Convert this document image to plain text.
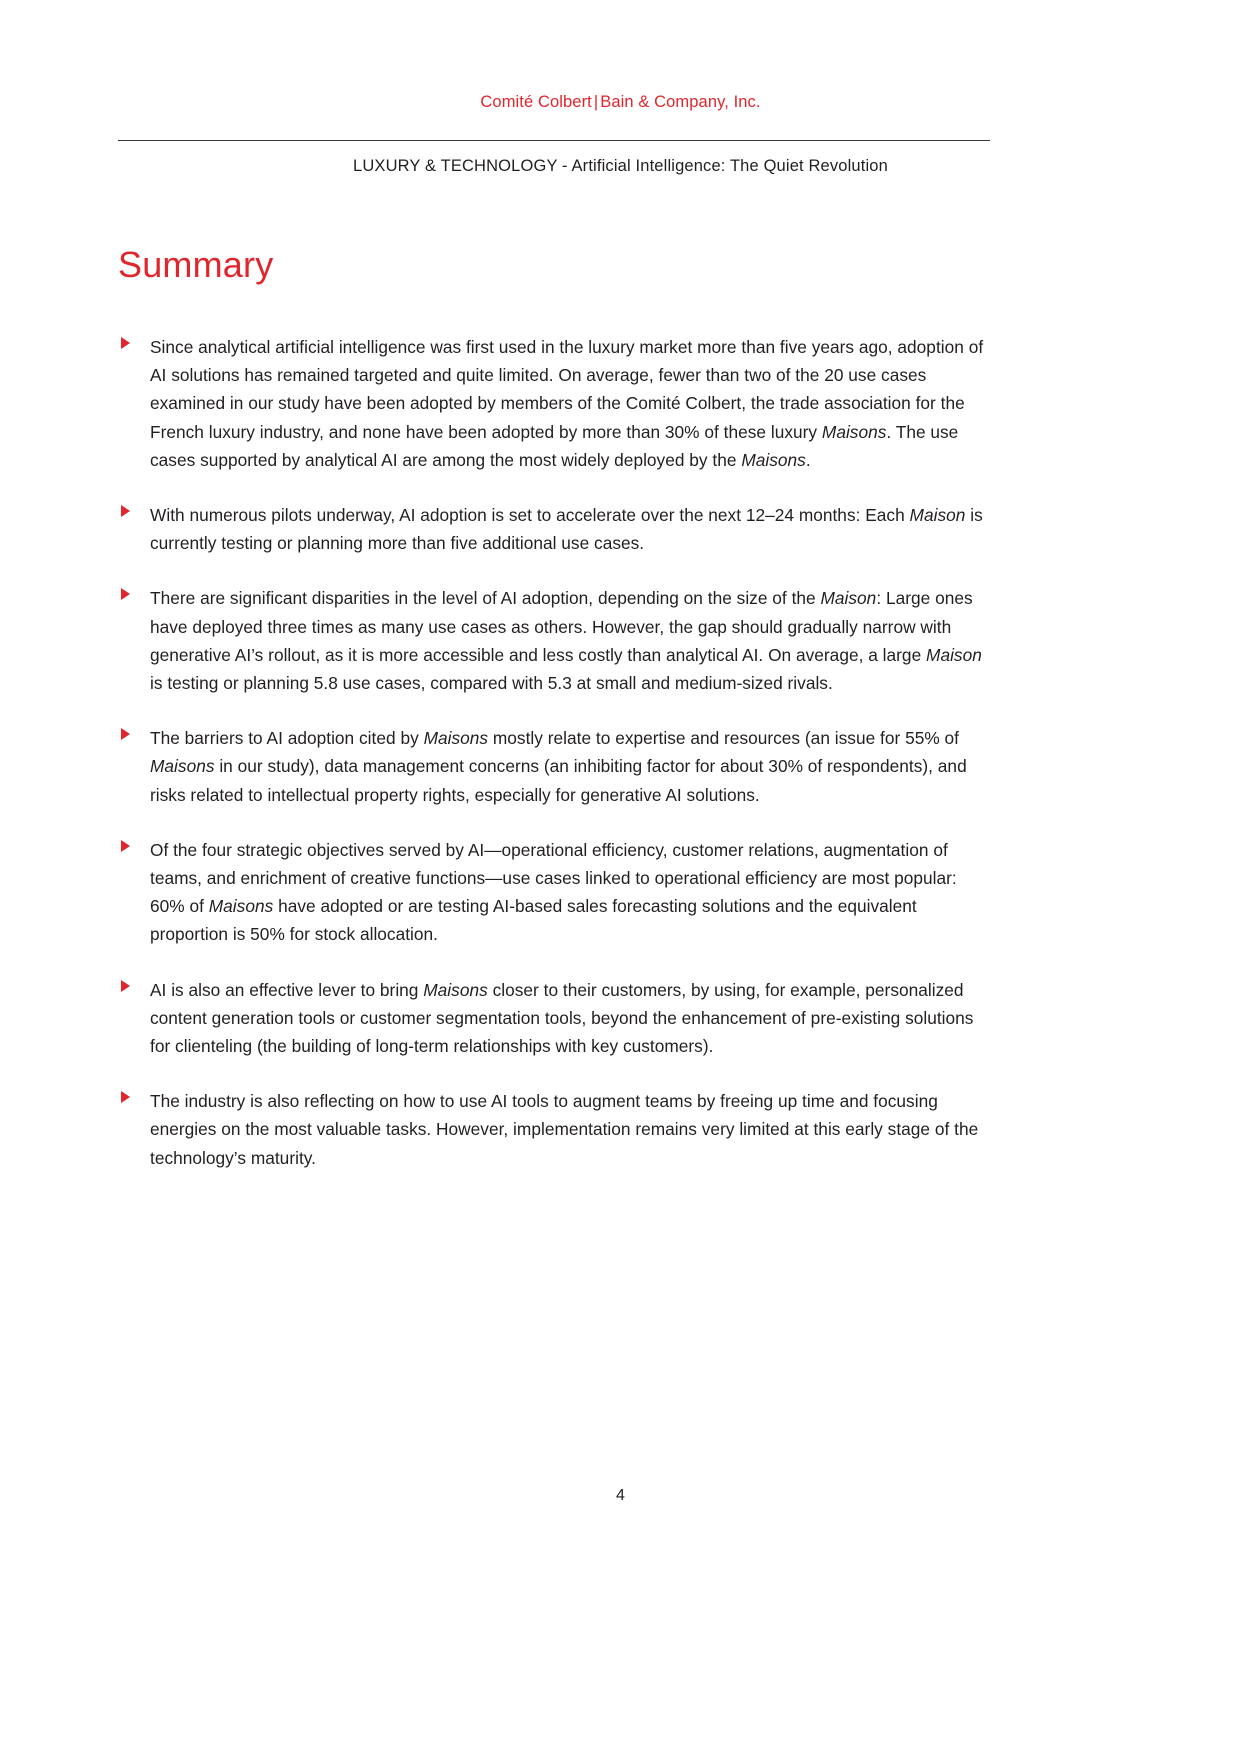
Comité Colbert | Bain & Company, Inc.
LUXURY & TECHNOLOGY - Artificial Intelligence: The Quiet Revolution
Summary

Since analytical artificial intelligence was first used in the luxury market more than five years ago, adoption of AI solutions has remained targeted and quite limited. On average, fewer than two of the 20 use cases examined in our study have been adopted by members of the Comité Colbert, the trade association for the French luxury industry, and none have been adopted by more than 30% of these luxury Maisons. The use cases supported by analytical AI are among the most widely deployed by the Maisons.

With numerous pilots underway, AI adoption is set to accelerate over the next 12–24 months: Each Maison is currently testing or planning more than five additional use cases.

There are significant disparities in the level of AI adoption, depending on the size of the Maison: Large ones have deployed three times as many use cases as others. However, the gap should gradually narrow with generative AI’s rollout, as it is more accessible and less costly than analytical AI. On average, a large Maison is testing or planning 5.8 use cases, compared with 5.3 at small and medium-sized rivals.

The barriers to AI adoption cited by Maisons mostly relate to expertise and resources (an issue for 55% of Maisons in our study), data management concerns (an inhibiting factor for about 30% of respondents), and risks related to intellectual property rights, especially for generative AI solutions.

Of the four strategic objectives served by AI—operational efficiency, customer relations, augmentation of teams, and enrichment of creative functions—use cases linked to operational efficiency are most popular: 60% of Maisons have adopted or are testing AI-based sales forecasting solutions and the equivalent proportion is 50% for stock allocation.

AI is also an effective lever to bring Maisons closer to their customers, by using, for example, personalized content generation tools or customer segmentation tools, beyond the enhancement of pre-existing solutions for clienteling (the building of long-term relationships with key customers).

The industry is also reflecting on how to use AI tools to augment teams by freeing up time and focusing energies on the most valuable tasks. However, implementation remains very limited at this early stage of the technology’s maturity.

4
